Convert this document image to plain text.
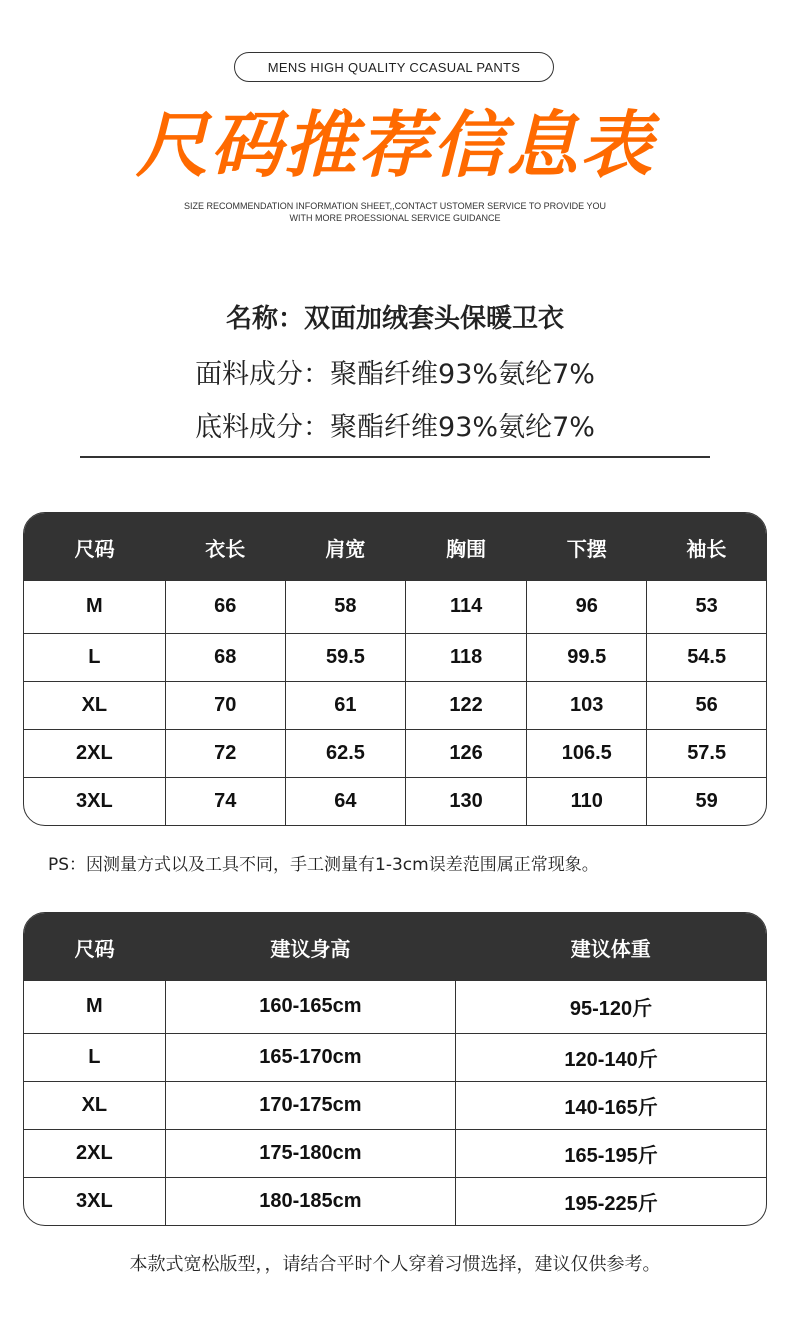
MENS HIGH QUALITY CCASUAL PANTS
尺码推荐信息表
SIZE RECOMMENDATION INFORMATION SHEET,,CONTACT USTOMER SERVICE TO PROVIDE YOU
WITH MORE PROESSIONAL SERVICE GUIDANCE
名称：双面加绒套头保暖卫衣
面料成分：聚酯纤维93%氨纶7%
底料成分：聚酯纤维93%氨纶7%
尺码	衣长	肩宽	胸围	下摆	袖长
M	66	58	114	96	53
L	68	59.5	118	99.5	54.5
XL	70	61	122	103	56
2XL	72	62.5	126	106.5	57.5
3XL	74	64	130	110	59
PS：因测量方式以及工具不同，手工测量有1-3cm误差范围属正常现象。
尺码	建议身高	建议体重
M	160-165cm	95-120斤
L	165-170cm	120-140斤
XL	170-175cm	140-165斤
2XL	175-180cm	165-195斤
3XL	180-185cm	195-225斤
本款式宽松版型，，请结合平时个人穿着习惯选择，建议仅供参考。
